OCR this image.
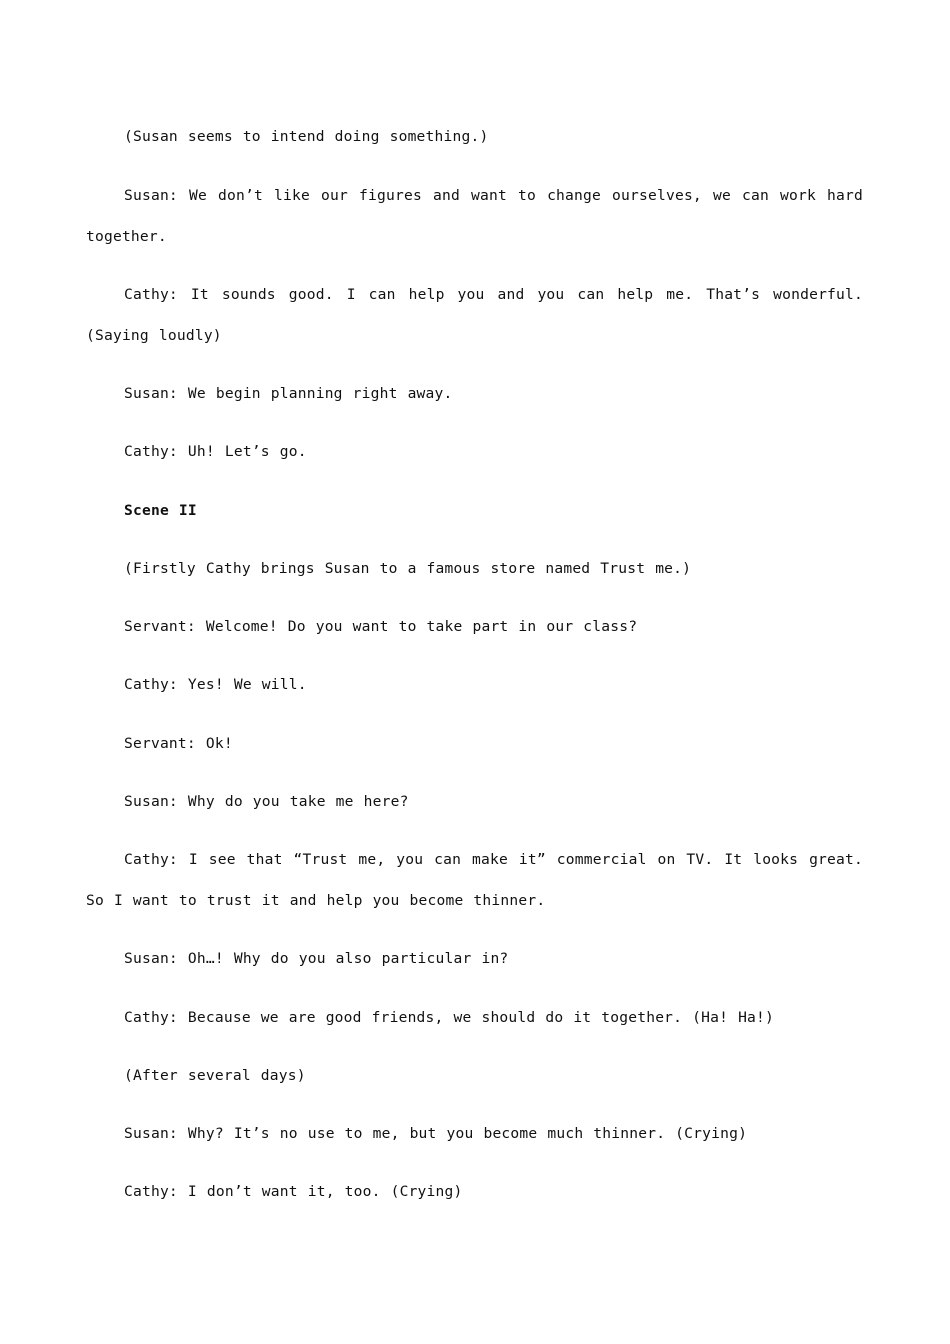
(Susan seems to intend doing something.)

Susan: We don’t like our figures and want to change ourselves, we can work hard together.

Cathy: It sounds good. I can help you and you can help me. That’s wonderful. (Saying loudly)

Susan: We begin planning right away.

Cathy: Uh! Let’s go.

Scene II

(Firstly Cathy brings Susan to a famous store named Trust me.)

Servant: Welcome! Do you want to take part in our class?

Cathy: Yes! We will.

Servant: Ok!

Susan: Why do you take me here?

Cathy: I see that “Trust me, you can make it” commercial on TV. It looks great. So I want to trust it and help you become thinner.

Susan: Oh…! Why do you also particular in?

Cathy: Because we are good friends, we should do it together. (Ha! Ha!)

(After several days)

Susan: Why? It’s no use to me, but you become much thinner. (Crying)

Cathy: I don’t want it, too. (Crying)
